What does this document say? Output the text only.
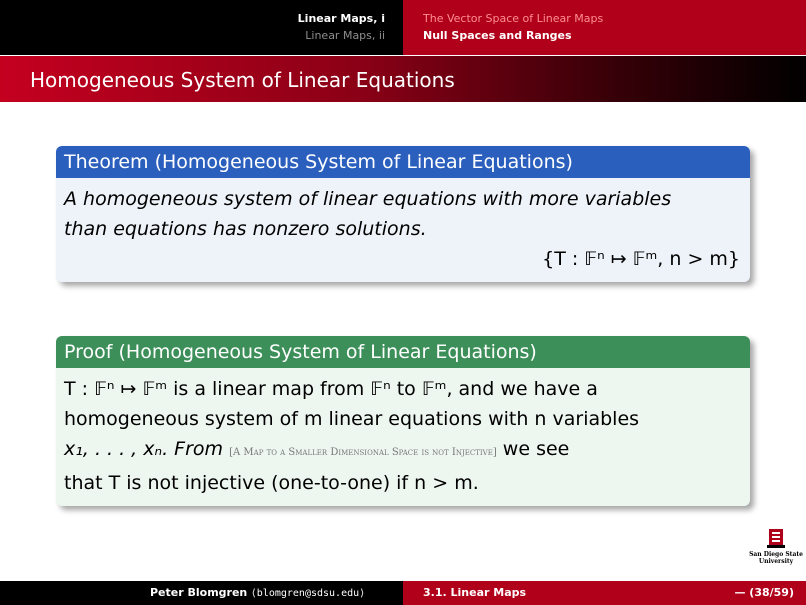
Linear Maps, i
Linear Maps, ii
The Vector Space of Linear Maps
Null Spaces and Ranges
Homogeneous System of Linear Equations
Theorem (Homogeneous System of Linear Equations)
A homogeneous system of linear equations with more variables
than equations has nonzero solutions.
{T : 𝔽ⁿ ↦ 𝔽ᵐ, n > m}
Proof (Homogeneous System of Linear Equations)
T : 𝔽ⁿ ↦ 𝔽ᵐ is a linear map from 𝔽ⁿ to 𝔽ᵐ, and we have a
homogeneous system of m linear equations with n variables
x₁, . . . , xₙ. From [A Map to a Smaller Dimensional Space is not Injective] we see
that T is not injective (one-to-one) if n > m.
San Diego State
University
Peter Blomgren ⟨blomgren@sdsu.edu⟩	3.1. Linear Maps	— (38/59)
